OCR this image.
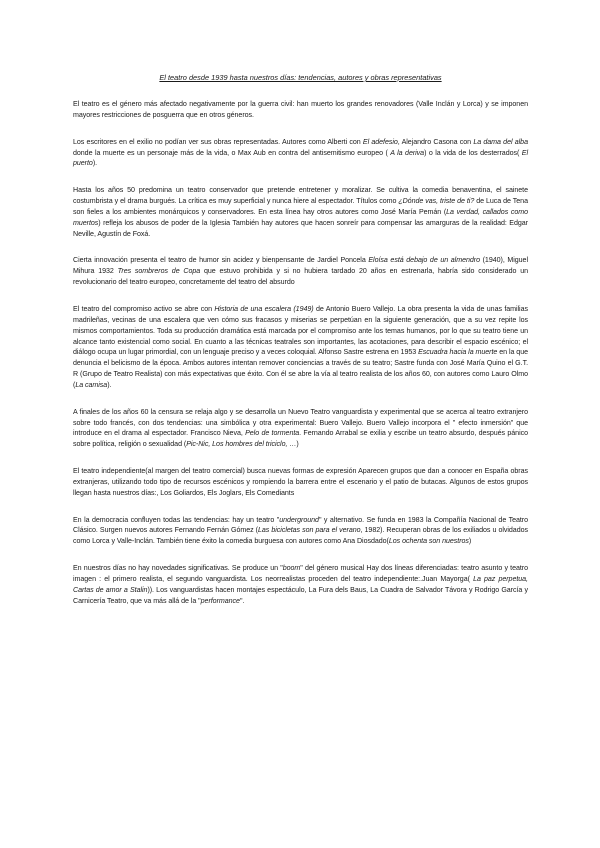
El teatro desde 1939 hasta nuestros días: tendencias, autores y obras representativas

El teatro es el género más afectado negativamente por la guerra civil: han muerto los grandes renovadores (Valle Inclán y Lorca) y se imponen mayores restricciones de posguerra que en otros géneros.

Los escritores en el exilio no podían ver sus obras representadas. Autores como Alberti con El adefesio, Alejandro Casona con La dama del alba donde la muerte es un personaje más de la vida, o Max Aub en contra del antisemitismo europeo ( A la deriva) o la vida de los desterrados( El puerto).

Hasta los años 50 predomina un teatro conservador que pretende entretener y moralizar. Se cultiva la comedia benaventina, el sainete costumbrista y el drama burgués. La crítica es muy superficial y nunca hiere al espectador. Títulos como ¿Dónde vas, triste de ti? de Luca de Tena son fieles a los ambientes monárquicos y conservadores. En esta línea hay otros autores como José María Pemán (La verdad, callados como muertos) refleja los abusos de poder de la Iglesia También hay autores que hacen sonreír para compensar las amarguras de la realidad: Edgar Neville, Agustín de Foxá.

Cierta innovación presenta el teatro de humor sin acidez y bienpensante de Jardiel Poncela Eloísa está debajo de un almendro (1940), Miguel Mihura 1932 Tres sombreros de Copa que estuvo prohibida y si no hubiera tardado 20 años en estrenarla, habría sido considerado un revolucionario del teatro europeo, concretamente del teatro del absurdo

El teatro del compromiso activo se abre con Historia de una escalera (1949) de Antonio Buero Vallejo. La obra presenta la vida de unas familias madrileñas, vecinas de una escalera que ven cómo sus fracasos y miserias se perpetúan en la siguiente generación, que a su vez repite los mismos comportamientos. Toda su producción dramática está marcada por el compromiso ante los temas humanos, por lo que su teatro tiene un alcance tanto existencial como social. En cuanto a las técnicas teatrales son importantes, las acotaciones, para describir el espacio escénico; el diálogo ocupa un lugar primordial, con un lenguaje preciso y a veces coloquial. Alfonso Sastre estrena en 1953 Escuadra hacia la muerte en la que denuncia el belicismo de la época. Ambos autores intentan remover conciencias a través de su teatro; Sastre funda con José María Quino el G.T. R (Grupo de Teatro Realista) con más expectativas que éxito. Con él se abre la vía al teatro realista de los años 60, con autores como Lauro Olmo (La camisa).

A finales de los años 60 la censura se relaja algo y se desarrolla un Nuevo Teatro vanguardista y experimental que se acerca al teatro extranjero sobre todo francés, con dos tendencias: una simbólica y otra experimental: Buero Vallejo. Buero Vallejo incorpora el " efecto inmersión" que introduce en el drama al espectador. Francisco Nieva, Pelo de tormenta. Fernando Arrabal se exilia y escribe un teatro absurdo, después pánico sobre política, religión o sexualidad (Pic-Nic, Los hombres del triciclo, …)

El teatro independiente(al margen del teatro comercial) busca nuevas formas de expresión Aparecen grupos que dan a conocer en España obras extranjeras, utilizando todo tipo de recursos escénicos y rompiendo la barrera entre el escenario y el patio de butacas. Algunos de estos grupos llegan hasta nuestros días:, Los Goliardos, Els Joglars, Els Comediants

En la democracia confluyen todas las tendencias: hay un teatro "underground" y alternativo. Se funda en 1983 la Compañía Nacional de Teatro Clásico. Surgen nuevos autores Fernando Fernán Gómez (Las bicicletas son para el verano, 1982). Recuperan obras de los exiliados u olvidados como Lorca y Valle-Inclán. También tiene éxito la comedia burguesa con autores como Ana Diosdado(Los ochenta son nuestros)

En nuestros días no hay novedades significativas. Se produce un "boom" del género musical Hay dos líneas diferenciadas: teatro asunto y teatro imagen : el primero realista, el segundo vanguardista. Los neorrealistas proceden del teatro independiente:.Juan Mayorga( La paz perpetua, Cartas de amor a Stalin)). Los vanguardistas hacen montajes espectáculo, La Fura dels Baus, La Cuadra de Salvador Távora y Rodrigo García y Carnicería Teatro, que va más allá de la "performance".
